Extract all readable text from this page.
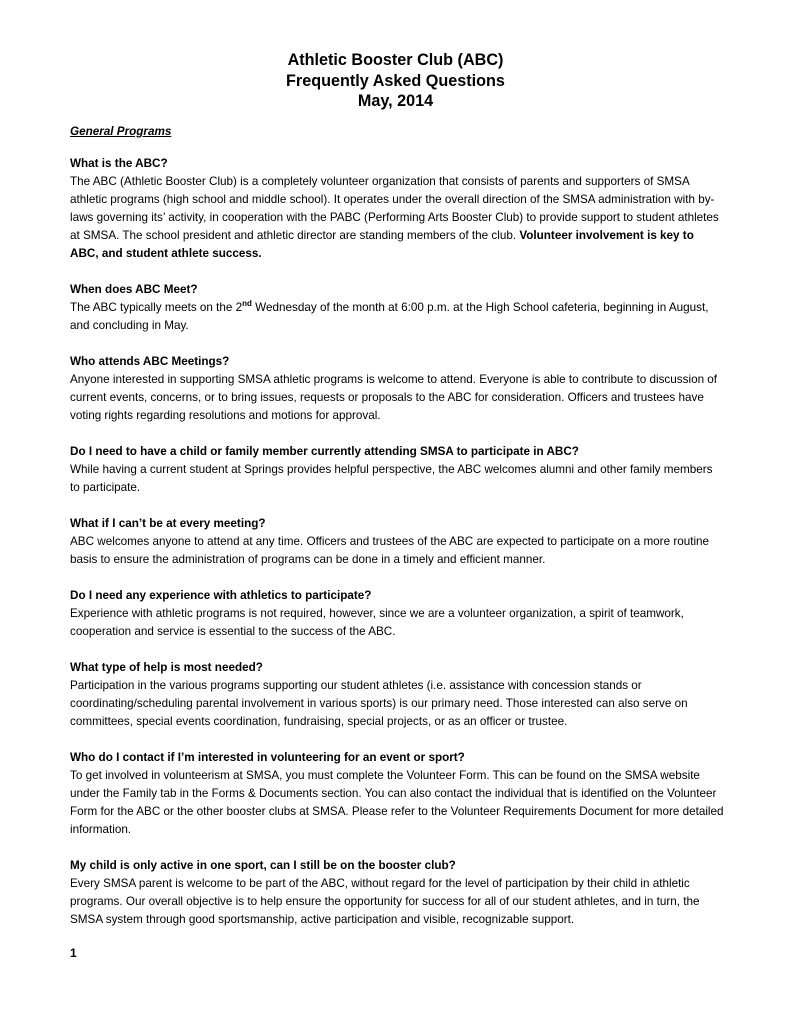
Athletic Booster Club (ABC)
Frequently Asked Questions
May, 2014
General Programs
What is the ABC?
The ABC (Athletic Booster Club) is a completely volunteer organization that consists of parents and supporters of SMSA athletic programs (high school and middle school). It operates under the overall direction of the SMSA administration with by-laws governing its’ activity, in cooperation with the PABC (Performing Arts Booster Club) to provide support to student athletes at SMSA. The school president and athletic director are standing members of the club. Volunteer involvement is key to ABC, and student athlete success.
When does ABC Meet?
The ABC typically meets on the 2nd Wednesday of the month at 6:00 p.m. at the High School cafeteria, beginning in August, and concluding in May.
Who attends ABC Meetings?
Anyone interested in supporting SMSA athletic programs is welcome to attend. Everyone is able to contribute to discussion of current events, concerns, or to bring issues, requests or proposals to the ABC for consideration. Officers and trustees have voting rights regarding resolutions and motions for approval.
Do I need to have a child or family member currently attending SMSA to participate in ABC?
While having a current student at Springs provides helpful perspective, the ABC welcomes alumni and other family members to participate.
What if I can’t be at every meeting?
ABC welcomes anyone to attend at any time. Officers and trustees of the ABC are expected to participate on a more routine basis to ensure the administration of programs can be done in a timely and efficient manner.
Do I need any experience with athletics to participate?
Experience with athletic programs is not required, however, since we are a volunteer organization, a spirit of teamwork, cooperation and service is essential to the success of the ABC.
What type of help is most needed?
Participation in the various programs supporting our student athletes (i.e. assistance with concession stands or coordinating/scheduling parental involvement in various sports) is our primary need. Those interested can also serve on committees, special events coordination, fundraising, special projects, or as an officer or trustee.
Who do I contact if I’m interested in volunteering for an event or sport?
To get involved in volunteerism at SMSA, you must complete the Volunteer Form. This can be found on the SMSA website under the Family tab in the Forms & Documents section. You can also contact the individual that is identified on the Volunteer Form for the ABC or the other booster clubs at SMSA. Please refer to the Volunteer Requirements Document for more detailed information.
My child is only active in one sport, can I still be on the booster club?
Every SMSA parent is welcome to be part of the ABC, without regard for the level of participation by their child in athletic programs. Our overall objective is to help ensure the opportunity for success for all of our student athletes, and in turn, the SMSA system through good sportsmanship, active participation and visible, recognizable support.
1
